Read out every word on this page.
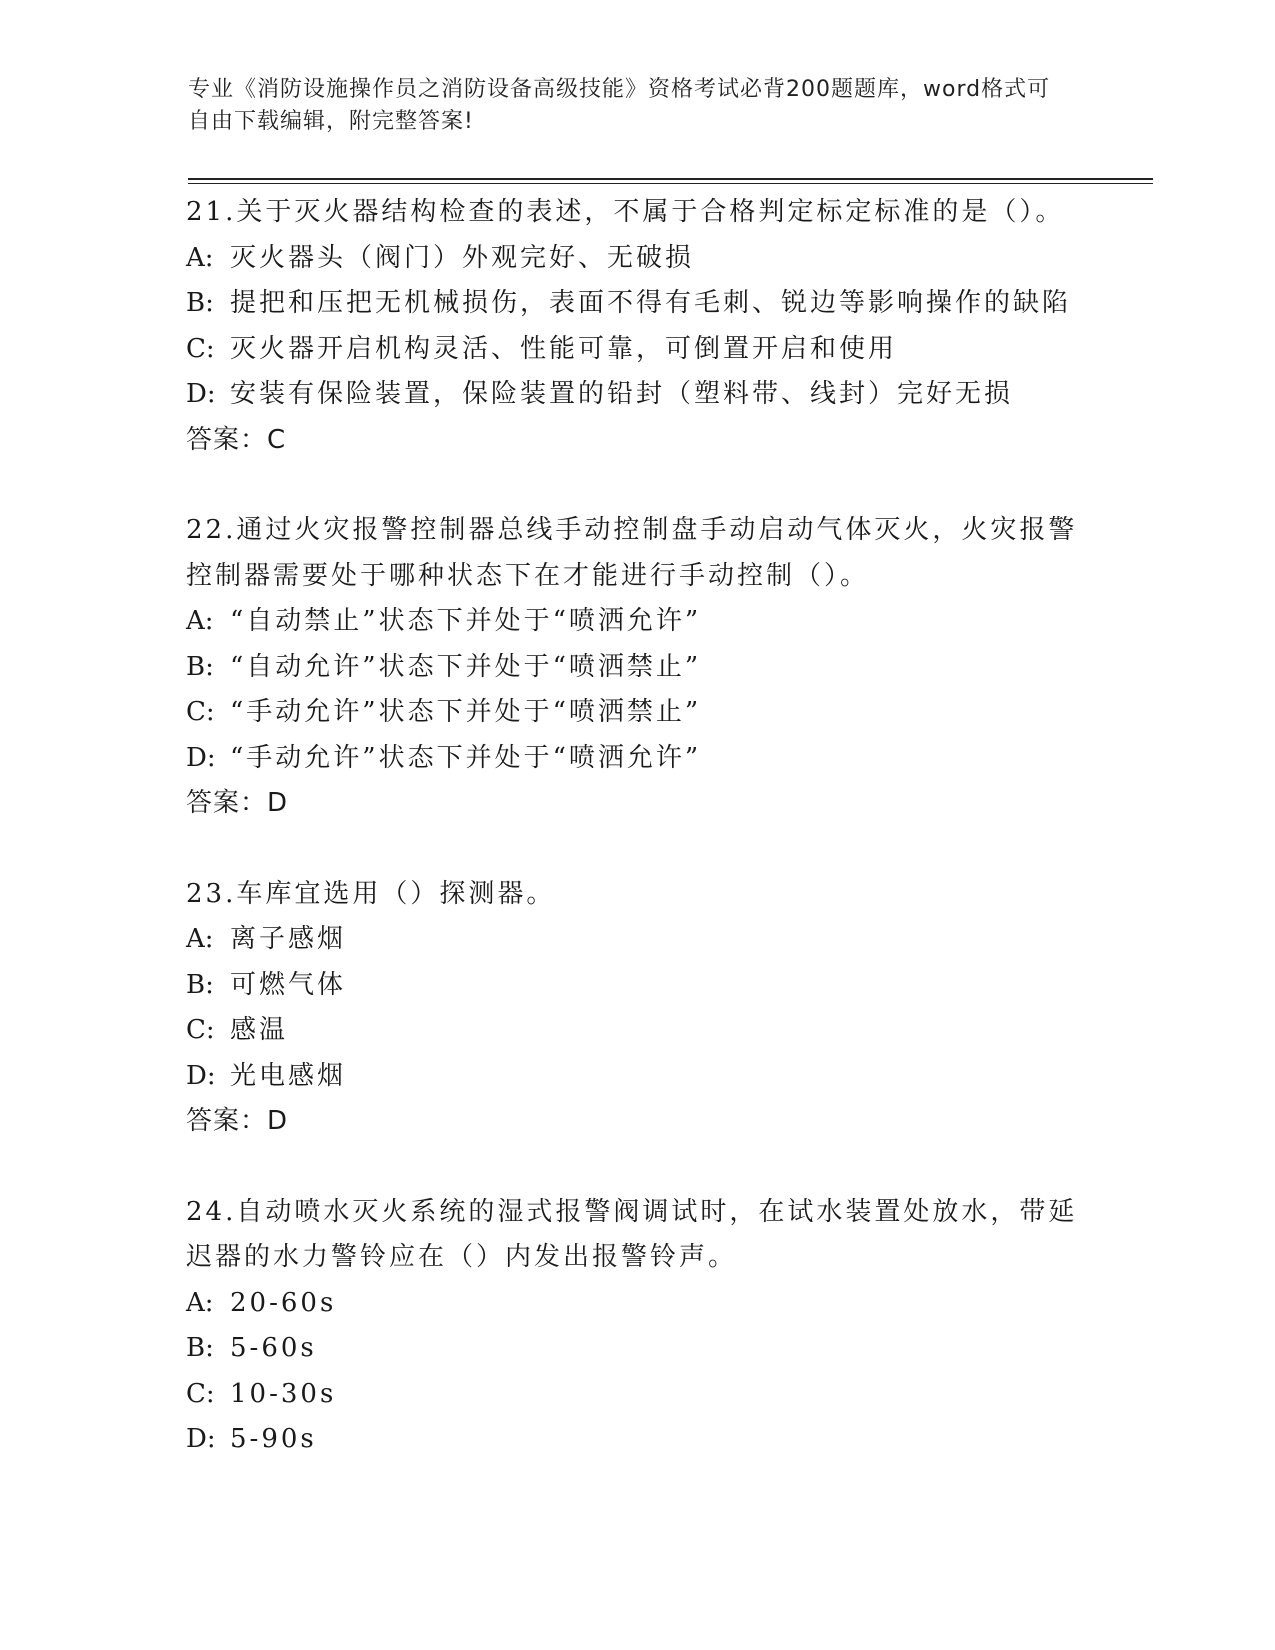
专业《消防设施操作员之消防设备高级技能》资格考试必背200题题库，word格式可自由下载编辑，附完整答案!
21.关于灭火器结构检查的表述，不属于合格判定标定标准的是（）。
A: 灭火器头（阀门）外观完好、无破损
B: 提把和压把无机械损伤，表面不得有毛刺、锐边等影响操作的缺陷
C: 灭火器开启机构灵活、性能可靠，可倒置开启和使用
D: 安装有保险装置，保险装置的铅封（塑料带、线封）完好无损
答案：C
22.通过火灾报警控制器总线手动控制盘手动启动气体灭火，火灾报警控制器需要处于哪种状态下在才能进行手动控制（）。
A: “自动禁止”状态下并处于“喷洒允许”
B: “自动允许”状态下并处于“喷洒禁止”
C: “手动允许”状态下并处于“喷洒禁止”
D: “手动允许”状态下并处于“喷洒允许”
答案：D
23.车库宜选用（）探测器。
A: 离子感烟
B: 可燃气体
C: 感温
D: 光电感烟
答案：D
24.自动喷水灭火系统的湿式报警阀调试时，在试水装置处放水，带延迟器的水力警铃应在（）内发出报警铃声。
A: 20-60s
B: 5-60s
C: 10-30s
D: 5-90s
